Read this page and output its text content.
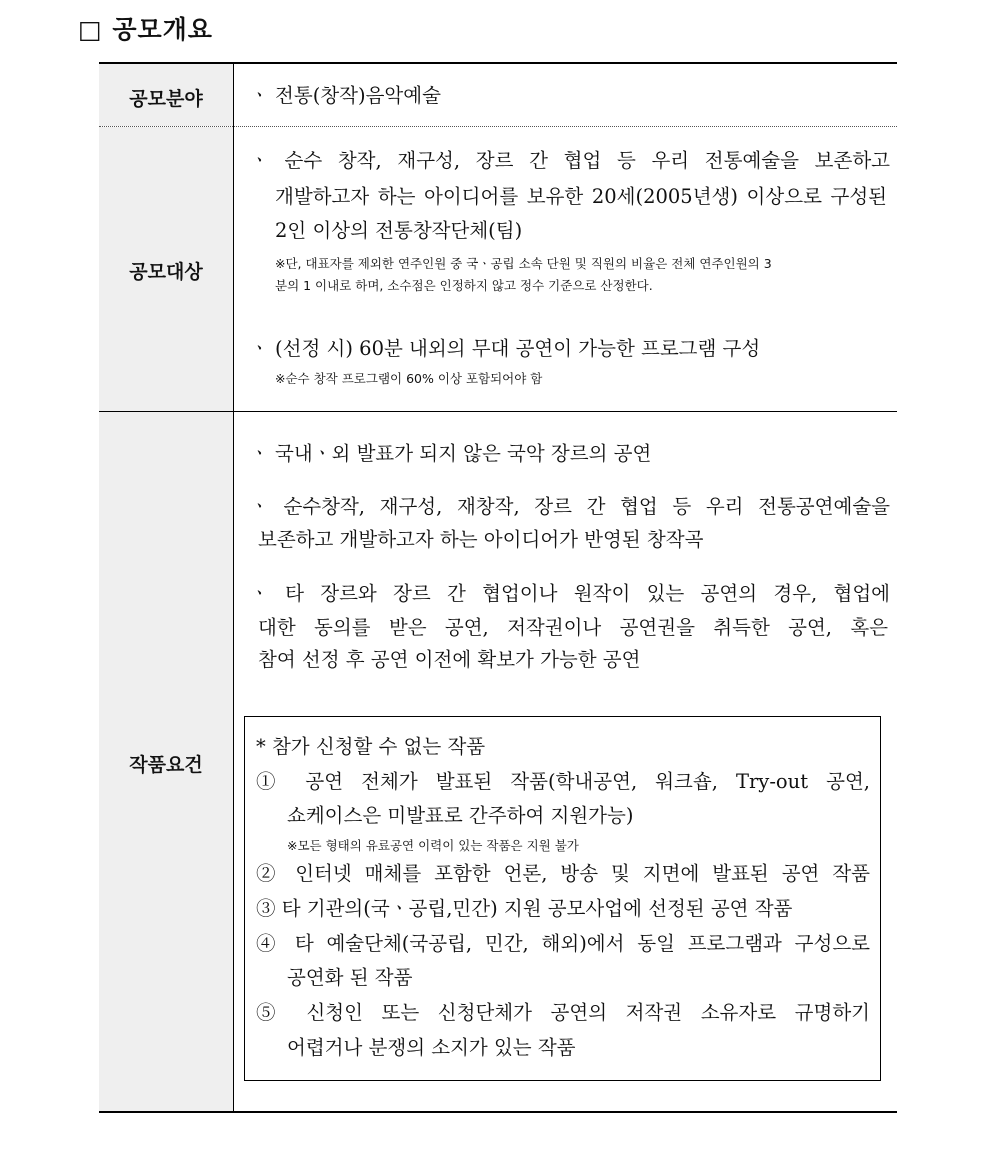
□ 공모개요
공모분야	ㆍ 전통(창작)음악예술
공모대상
ㆍ 순수 창작, 재구성, 장르 간 협업 등 우리 전통예술을 보존하고
개발하고자 하는 아이디어를 보유한 20세(2005년생) 이상으로 구성된
2인 이상의 전통창작단체(팀)
※단, 대표자를 제외한 연주인원 중 국ㆍ공립 소속 단원 및 직원의 비율은 전체 연주인원의 3
분의 1 이내로 하며, 소수점은 인정하지 않고 정수 기준으로 산정한다.
ㆍ (선정 시) 60분 내외의 무대 공연이 가능한 프로그램 구성
※순수 창작 프로그램이 60% 이상 포함되어야 함
작품요건
ㆍ 국내ㆍ외 발표가 되지 않은 국악 장르의 공연
ㆍ 순수창작, 재구성, 재창작, 장르 간 협업 등 우리 전통공연예술을
보존하고 개발하고자 하는 아이디어가 반영된 창작곡
ㆍ 타 장르와 장르 간 협업이나 원작이 있는 공연의 경우, 협업에
대한 동의를 받은 공연, 저작권이나 공연권을 취득한 공연, 혹은
참여 선정 후 공연 이전에 확보가 가능한 공연
* 참가 신청할 수 없는 작품
① 공연 전체가 발표된 작품(학내공연, 워크숍, Try-out 공연,
쇼케이스은 미발표로 간주하여 지원가능)
※모든 형태의 유료공연 이력이 있는 작품은 지원 불가
② 인터넷 매체를 포함한 언론, 방송 및 지면에 발표된 공연 작품
③ 타 기관의(국ㆍ공립,민간) 지원 공모사업에 선정된 공연 작품
④ 타 예술단체(국공립, 민간, 해외)에서 동일 프로그램과 구성으로
공연화 된 작품
⑤ 신청인 또는 신청단체가 공연의 저작권 소유자로 규명하기
어렵거나 분쟁의 소지가 있는 작품
